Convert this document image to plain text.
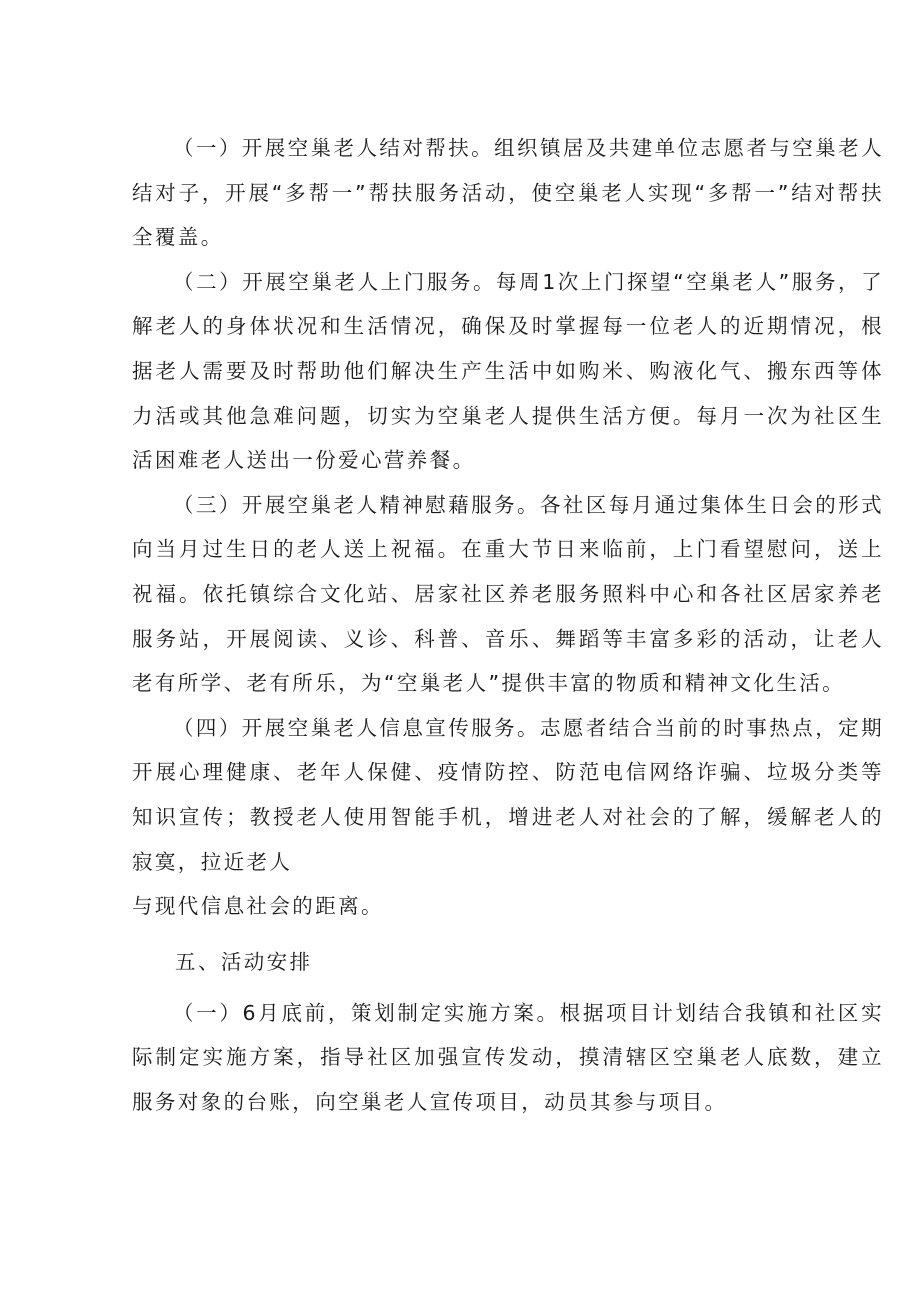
（一）开展空巢老人结对帮扶。组织镇居及共建单位志愿者与空巢老人结对子，开展“多帮一”帮扶服务活动，使空巢老人实现“多帮一”结对帮扶全覆盖。

（二）开展空巢老人上门服务。每周1次上门探望“空巢老人”服务，了解老人的身体状况和生活情况，确保及时掌握每一位老人的近期情况，根据老人需要及时帮助他们解决生产生活中如购米、购液化气、搬东西等体力活或其他急难问题，切实为空巢老人提供生活方便。每月一次为社区生活困难老人送出一份爱心营养餐。

（三）开展空巢老人精神慰藉服务。各社区每月通过集体生日会的形式向当月过生日的老人送上祝福。在重大节日来临前，上门看望慰问，送上祝福。依托镇综合文化站、居家社区养老服务照料中心和各社区居家养老服务站，开展阅读、义诊、科普、音乐、舞蹈等丰富多彩的活动，让老人老有所学、老有所乐，为“空巢老人”提供丰富的物质和精神文化生活。

（四）开展空巢老人信息宣传服务。志愿者结合当前的时事热点，定期开展心理健康、老年人保健、疫情防控、防范电信网络诈骗、垃圾分类等知识宣传；教授老人使用智能手机，增进老人对社会的了解，缓解老人的寂寞，拉近老人

与现代信息社会的距离。

五、活动安排

（一）6月底前，策划制定实施方案。根据项目计划结合我镇和社区实际制定实施方案，指导社区加强宣传发动，摸清辖区空巢老人底数，建立服务对象的台账，向空巢老人宣传项目，动员其参与项目。
